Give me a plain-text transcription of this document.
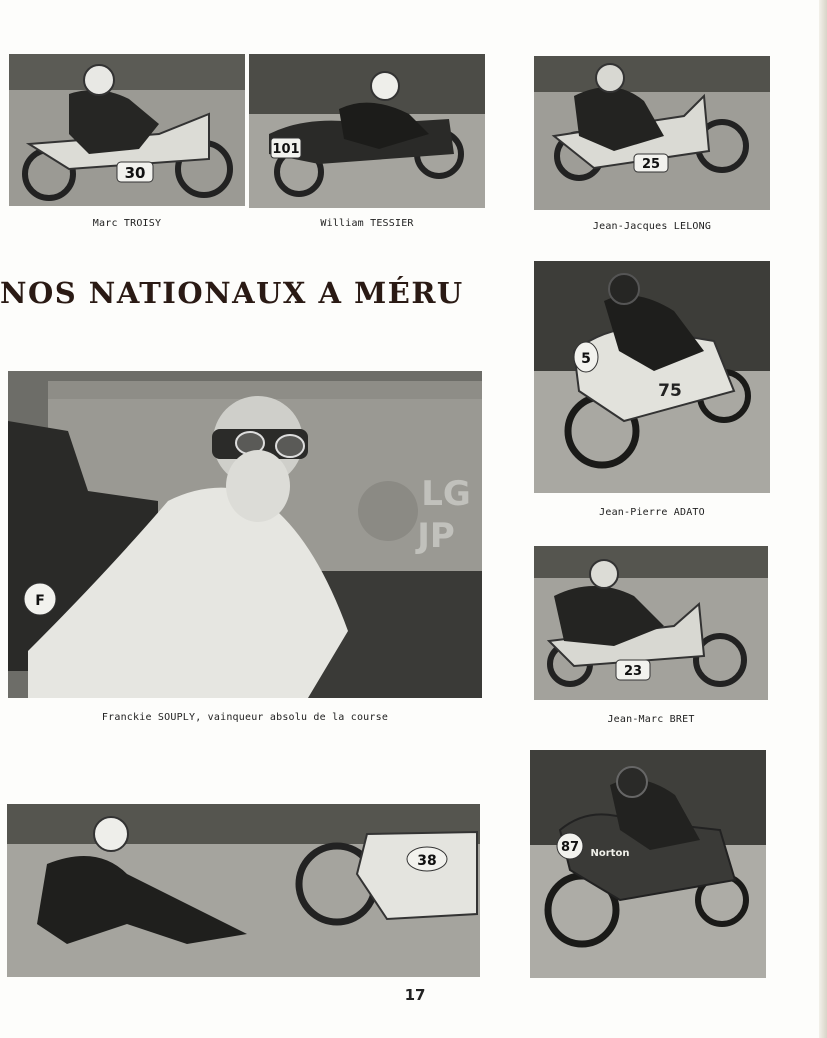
30
Marc TROISY
101
William TESSIER
25
Jean-Jacques LELONG
NOS NATIONAUX A MÉRU
5
75
Jean-Pierre ADATO
F
LG
JP
Franckie SOUPLY, vainqueur absolu de la course
23
Jean-Marc BRET
38
87 Norton
17
